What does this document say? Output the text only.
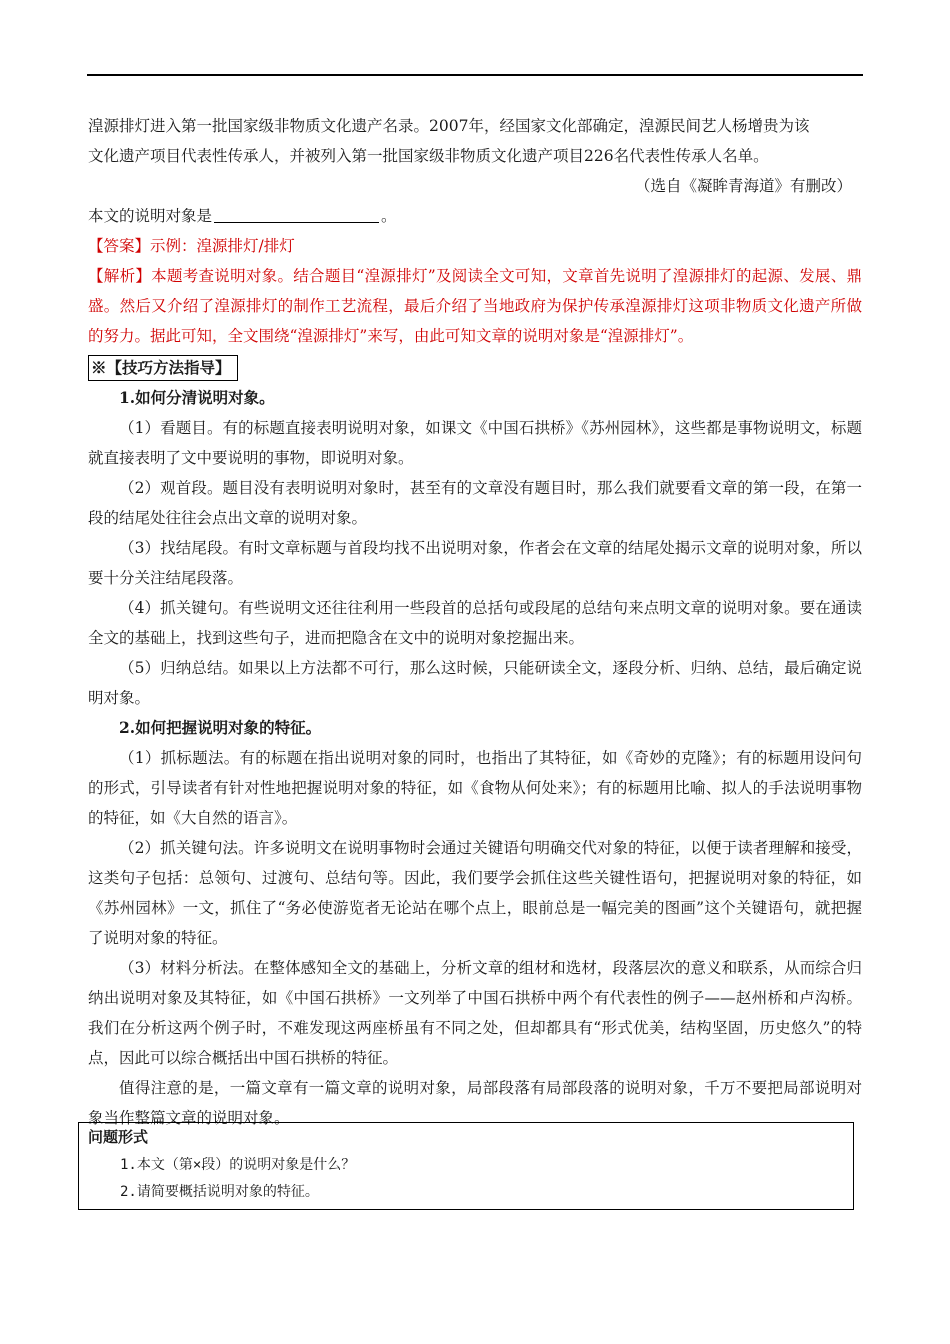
湟源排灯进入第一批国家级非物质文化遗产名录。2007年，经国家文化部确定，湟源民间艺人杨增贵为该

文化遗产项目代表性传承人，并被列入第一批国家级非物质文化遗产项目226名代表性传承人名单。

（选自《凝眸青海道》有删改）

本文的说明对象是	。

【答案】示例：湟源排灯/排灯

【解析】本题考查说明对象。结合题目“湟源排灯”及阅读全文可知，文章首先说明了湟源排灯的起源、发展、鼎盛。然后又介绍了湟源排灯的制作工艺流程，最后介绍了当地政府为保护传承湟源排灯这项非物质文化遗产所做的努力。据此可知，全文围绕“湟源排灯”来写，由此可知文章的说明对象是“湟源排灯”。

※【技巧方法指导】

1.如何分清说明对象。

（1）看题目。有的标题直接表明说明对象，如课文《中国石拱桥》《苏州园林》，这些都是事物说明文，标题就直接表明了文中要说明的事物，即说明对象。

（2）观首段。题目没有表明说明对象时，甚至有的文章没有题目时，那么我们就要看文章的第一段，在第一段的结尾处往往会点出文章的说明对象。

（3）找结尾段。有时文章标题与首段均找不出说明对象，作者会在文章的结尾处揭示文章的说明对象，所以要十分关注结尾段落。

（4）抓关键句。有些说明文还往往利用一些段首的总括句或段尾的总结句来点明文章的说明对象。要在通读全文的基础上，找到这些句子，进而把隐含在文中的说明对象挖掘出来。

（5）归纳总结。如果以上方法都不可行，那么这时候，只能研读全文，逐段分析、归纳、总结，最后确定说明对象。

2.如何把握说明对象的特征。

（1）抓标题法。有的标题在指出说明对象的同时，也指出了其特征，如《奇妙的克隆》；有的标题用设问句的形式，引导读者有针对性地把握说明对象的特征，如《食物从何处来》；有的标题用比喻、拟人的手法说明事物的特征，如《大自然的语言》。

（2）抓关键句法。许多说明文在说明事物时会通过关键语句明确交代对象的特征，以便于读者理解和接受，这类句子包括：总领句、过渡句、总结句等。因此，我们要学会抓住这些关键性语句，把握说明对象的特征，如《苏州园林》一文，抓住了“务必使游览者无论站在哪个点上，眼前总是一幅完美的图画”这个关键语句，就把握了说明对象的特征。

（3）材料分析法。在整体感知全文的基础上，分析文章的组材和选材，段落层次的意义和联系，从而综合归纳出说明对象及其特征，如《中国石拱桥》一文列举了中国石拱桥中两个有代表性的例子——赵州桥和卢沟桥。我们在分析这两个例子时，不难发现这两座桥虽有不同之处，但却都具有“形式优美，结构坚固，历史悠久”的特点，因此可以综合概括出中国石拱桥的特征。

值得注意的是，一篇文章有一篇文章的说明对象，局部段落有局部段落的说明对象，千万不要把局部说明对象当作整篇文章的说明对象。

问题形式
1.本文（第×段）的说明对象是什么？
2.请简要概括说明对象的特征。
